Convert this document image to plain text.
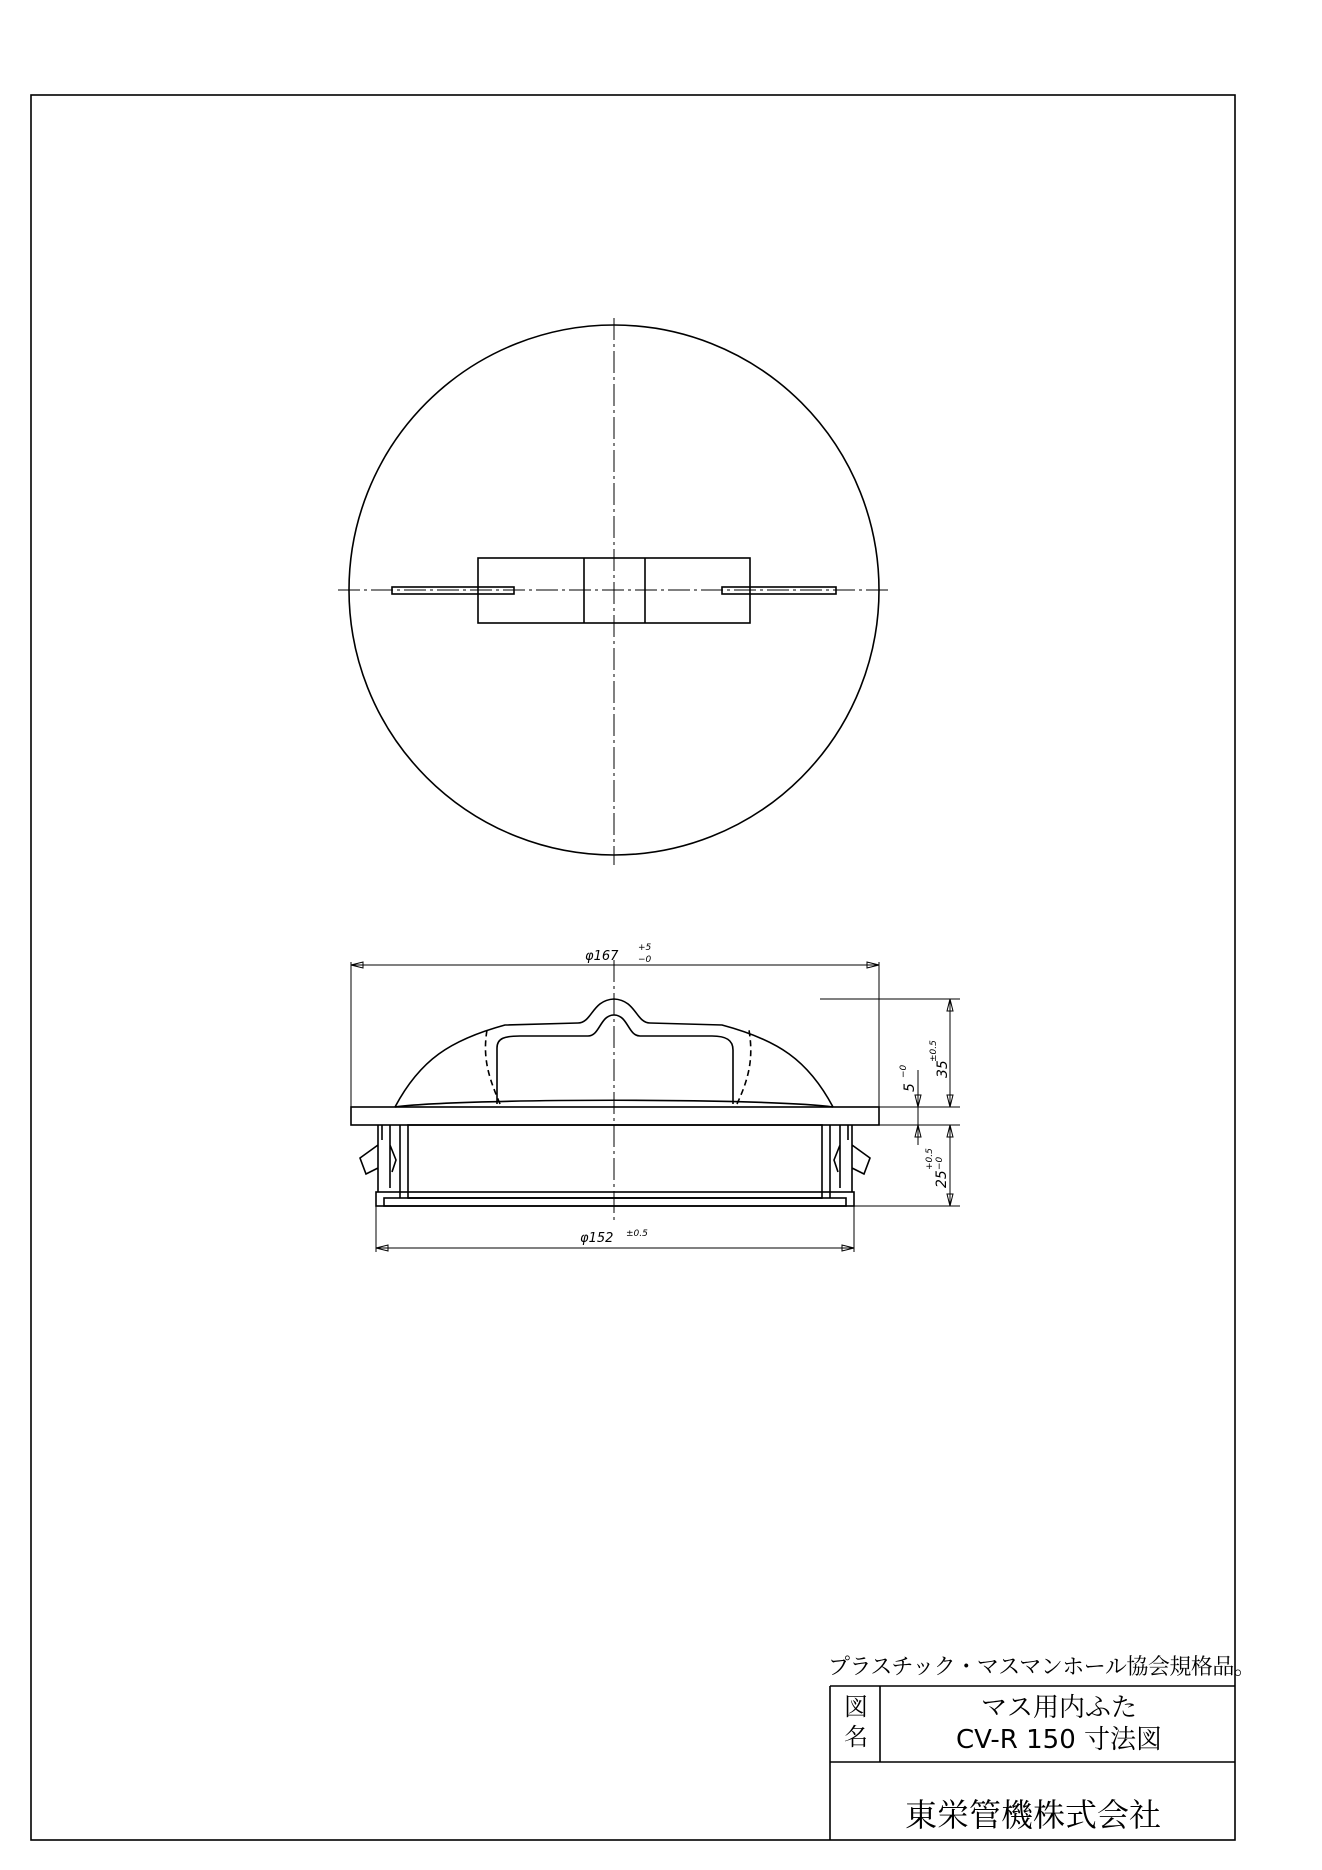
φ167
+5
−0
φ152 ±0.5
35
±0.5
5
−0
25
+0.5 −0
プラスチック・マスマンホール協会規格品。
図
名
マス用内ふた
CV-R 150 寸法図
東栄管機株式会社
